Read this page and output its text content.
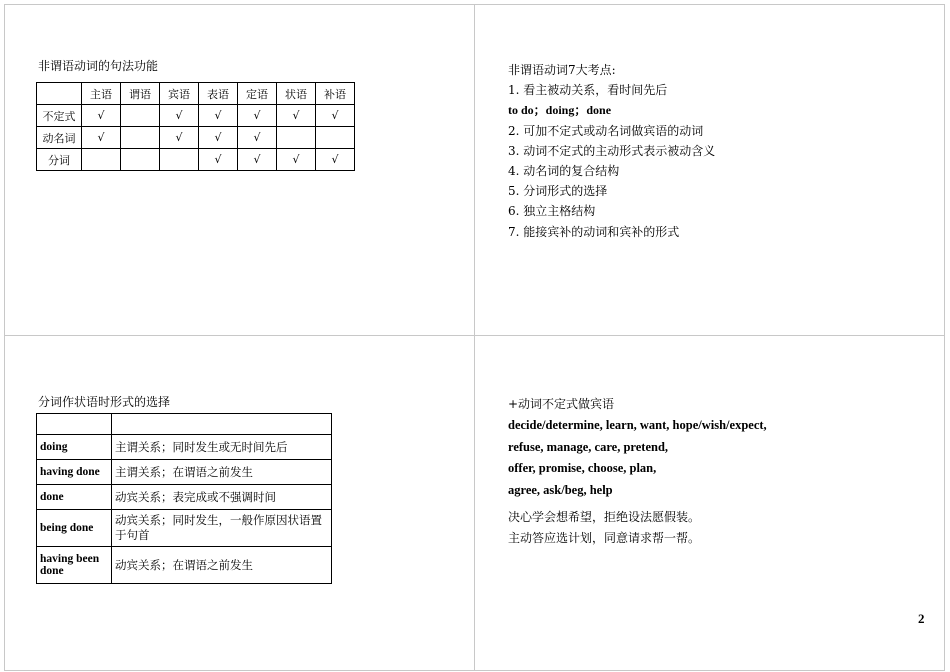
非谓语动词的句法功能
	主语	谓语	宾语	表语	定语	状语	补语
不定式	√		√	√	√	√	√
动名词	√		√	√	√		
分词				√	√	√	√
非谓语动词7大考点:
1. 看主被动关系，看时间先后
to do；doing；done
2. 可加不定式或动名词做宾语的动词
3. 动词不定式的主动形式表示被动含义
4. 动名词的复合结构
5. 分词形式的选择
6. 独立主格结构
7. 能接宾补的动词和宾补的形式
分词作状语时形式的选择

doing	主谓关系；同时发生或无时间先后
having done	主谓关系；在谓语之前发生
done	动宾关系；表完成或不强调时间
being done	动宾关系；同时发生，一般作原因状语置于句首
having been done	动宾关系；在谓语之前发生
+动词不定式做宾语
decide/determine, learn, want, hope/wish/expect,
refuse, manage, care, pretend,
offer, promise, choose, plan,
agree, ask/beg, help
决心学会想希望，拒绝设法愿假装。
主动答应选计划，同意请求帮一帮。
2
